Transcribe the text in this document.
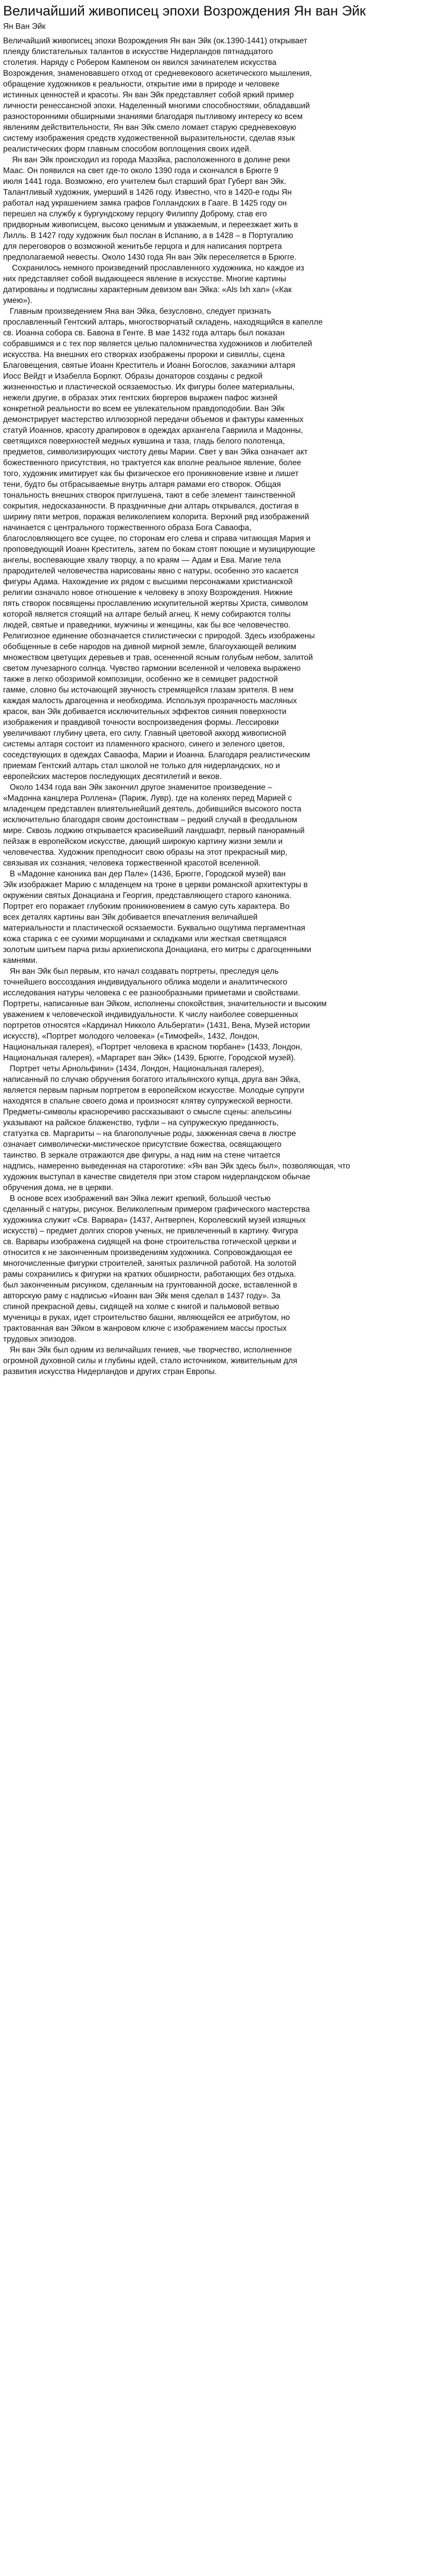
Величайший живописец эпохи Возрождения Ян ван Эйк
Ян Ван Эйк
Величайший живописец эпохи Возрождения Ян ван Эйк (ок.1390-1441) открывает
плеяду блистательных талантов в искусстве Нидерландов пятнадцатого
столетия. Наряду с Робером Кампеном он явился зачинателем искусства
Возрождения, знаменовавшего отход от средневекового аскетического мышления,
обращение художников к реальности, открытие ими в природе и человеке
истинных ценностей и красоты. Ян ван Эйк представляет собой яркий пример
личности ренессансной эпохи. Наделенный многими способностями, обладавший
разносторонними обширными знаниями благодаря пытливому интересу ко всем
явлениям действительности, Ян ван Эйк смело ломает старую средневековую
систему изображения средств художественной выразительности, сделав язык
реалистических форм главным способом воплощения своих идей.
Ян ван Эйк происходил из города Маэзйка, расположенного в долине реки
Маас. Он появился на свет где-то около 1390 года и скончался в Брюгге 9
июля 1441 года. Возможно, его учителем был старший брат Губерт ван Эйк.
Талантливый художник, умерший в 1426 году. Известно, что в 1420-е годы Ян
работал над украшением замка графов Голландских в Гааге. В 1425 году он
перешел на службу к бургундскому герцогу Филиппу Доброму, став его
придворным живописцем, высоко ценимым и уважаемым, и переезжает жить в
Лилль. В 1427 году художник был послан в Испанию, а в 1428 – в Португалию
для переговоров о возможной женитьбе герцога и для написания портрета
предполагаемой невесты. Около 1430 года Ян ван Эйк переселяется в Брюгге.
Сохранилось немного произведений прославленного художника, но каждое из
них представляет собой выдающееся явление в искусстве. Многие картины
датированы и подписаны характерным девизом ван Эйка: «Als Ixh xan» («Как
умею»).
Главным произведением Яна ван Эйка, безусловно, следует признать
прославленный Гентский алтарь, многостворчатый складень, находящийся в капелле
св. Иоанна собора св. Бавона в Генте. В мае 1432 года алтарь был показан
собравшимся и с тех пор является целью паломничества художников и любителей
искусства. На внешних его створках изображены пророки и сивиллы, сцена
Благовещения, святые Иоанн Креститель и Иоанн Богослов, заказчики алтаря
Иосс Вейдт и Изабелла Борлют. Образы донаторов созданы с редкой
жизненностью и пластической осязаемостью. Их фигуры более материальны,
нежели другие, в образах этих гентских бюргеров выражен пафос жизней
конкретной реальности во всем ее увлекательном правдоподобии. Ван Эйк
демонстрирует мастерство иллюзорной передачи объемов и фактуры каменных
статуй Иоаннов, красоту драпировок в одеждах архангела Гавриила и Мадонны,
светящихся поверхностей медных кувшина и таза, гладь белого полотенца,
предметов, символизирующих чистоту девы Марии. Свет у ван Эйка означает акт
божественного присутствия, но трактуется как вполне реальное явление, более
того, художник имитирует как бы физическое его проникновение извне и лишет
тени, будто бы отбрасываемые внутрь алтаря рамами его створок. Общая
тональность внешних створок приглушена, тают в себе элемент таинственной
сокрытия, недосказанности. В праздничные дни алтарь открывался, достигая в
ширину пяти метров, поражая великолепием колорита. Верхний ряд изображений
начинается с центрального торжественного образа Бога Саваофа,
благословляющего все сущее, по сторонам его слева и справа читающая Мария и
проповедующий Иоанн Креститель, затем по бокам стоят поющие и музицирующие
ангелы, воспевающие хвалу творцу, а по краям — Адам и Ева. Магие тела
прародителей человечества нарисованы явно с натуры, особенно это касается
фигуры Адама. Нахождение их рядом с высшими персонажами христианской
религии означало новое отношение к человеку в эпоху Возрождения. Нижние
пять створок посвящены прославлению искупительной жертвы Христа, символом
которой является стоящий на алтаре белый агнец. К нему собираются толпы
людей, святые и праведники, мужчины и женщины, как бы все человечество.
Религиозное единение обозначается стилистически с природой. Здесь изображены
обобщенные в себе народов на дивной мирной земле, благоухающей великим
множеством цветущих деревьев и трав, осененной ясным голубым небом, залитой
светом лучезарного солнца. Чувство гармонии вселенной и человека выражено
также в легко обозримой композиции, особенно же в семицвет радостной
гамме, словно бы источающей звучность стремящейся глазам зрителя. В нем
каждая малость драгоценна и необходима. Используя прозрачность масляных
красок, ван Эйк добивается исключительных эффектов сияния поверхности
изображения и правдивой точности воспроизведения формы. Лессировки
увеличивают глубину цвета, его силу. Главный цветовой аккорд живописной
системы алтаря состоит из пламенного красного, синего и зеленого цветов,
соседствующих в одеждах Саваофа, Марии и Иоанна. Благодаря реалистическим
приемам Гентский алтарь стал школой не только для нидерландских, но и
европейских мастеров последующих десятилетий и веков.
Около 1434 года ван Эйк закончил другое знаменитое произведение –
«Мадонна канцлера Роллена» (Париж, Лувр), где на коленях перед Марией с
младенцем представлен влиятельнейший деятель, добившийся высокого поста
исключительно благодаря своим достоинствам – редкий случай в феодальном
мире. Сквозь лоджию открывается красивейший ландшафт, первый панорамный
пейзаж в европейском искусстве, дающий широкую картину жизни земли и
человечества. Художник преподносит свою образы на этот прекрасный мир,
связывая их сознания, человека торжественной красотой вселенной.
В «Мадонне каноника ван дер Пале» (1436, Брюгге, Городской музей) ван
Эйк изображает Марию с младенцем на троне в церкви романской архитектуры в
окружении святых Донациана и Георгия, представляющего старого каноника.
Портрет его поражает глубоким проникновением в самую суть характера. Во
всех деталях картины ван Эйк добивается впечатления величайшей
материальности и пластической осязаемости. Буквально ощутима пергаментная
кожа старика с ее сухими морщинами и складками или жесткая светящаяся
золотым шитьем парча ризы архиепископа Донациана, его митры с драгоценными
камнями.
Ян ван Эйк был первым, кто начал создавать портреты, преследуя цель
точнейшего воссоздания индивидуального облика модели и аналитического
исследования натуры человека с ее разнообразными приметами и свойствами.
Портреты, написанные ван Эйком, исполнены спокойствия, значительности и высоким
уважением к человеческой индивидуальности. К числу наиболее совершенных
портретов относятся «Кардинал Никколо Альбергати» (1431, Вена, Музей истории
искусств), «Портрет молодого человека» («Тимофей», 1432, Лондон,
Национальная галерея), «Портрет человека в красном тюрбане» (1433, Лондон,
Национальная галерея), «Маргарет ван Эйк» (1439, Брюгге, Городской музей).
Портрет четы Арнольфини» (1434, Лондон, Национальная галерея),
написанный по случаю обручения богатого итальянского купца, друга ван Эйка,
является первым парным портретом в европейском искусстве. Молодые супруги
находятся в спальне своего дома и произносят клятву супружеской верности.
Предметы-символы красноречиво рассказывают о смысле сцены: апельсины
указывают на райское блаженство, туфли – на супружескую преданность,
статуэтка св. Маргариты – на благополучные роды, зажженная свеча в люстре
означает символически-мистическое присутствие божества, освящающего
таинство. В зеркале отражаются две фигуры, а над ним на стене читается
надпись, намеренно выведенная на староготике: «Ян ван Эйк здесь был», позволяющая, что
художник выступал в качестве свидетеля при этом старом нидерландском обычае
обручения дома, не в церкви.
В основе всех изображений ван Эйка лежит крепкий, большой честью
сделанный с натуры, рисунок. Великолепным примером графического мастерства
художника служит «Св. Варвара» (1437, Антверпен, Королевский музей изящных
искусств) – предмет долгих споров ученых, не привлеченный в картину. Фигура
св. Варвары изображена сидящей на фоне строительства готической церкви и
относится к не законченным произведениям художника. Сопровождающая ее
многочисленные фигурки строителей, занятых различной работой. На золотой
рамы сохранились к фигурки на кратких обширности, работающих без отдыха.
был законченным рисунком, сделанным на грунтованной доске, вставленной в
авторскую раму с надписью «Иоанн ван Эйк меня сделал в 1437 году». За
спиной прекрасной девы, сидящей на холме с книгой и пальмовой ветвью
мученицы в руках, идет строительство башни, являющейся ее атрибутом, но
трактованная ван Эйком в жанровом ключе с изображением массы простых
трудовых эпизодов.
Ян ван Эйк был одним из величайших гениев, чье творчество, исполненное
огромной духовной силы и глубины идей, стало источником, живительным для
развития искусства Нидерландов и других стран Европы.
